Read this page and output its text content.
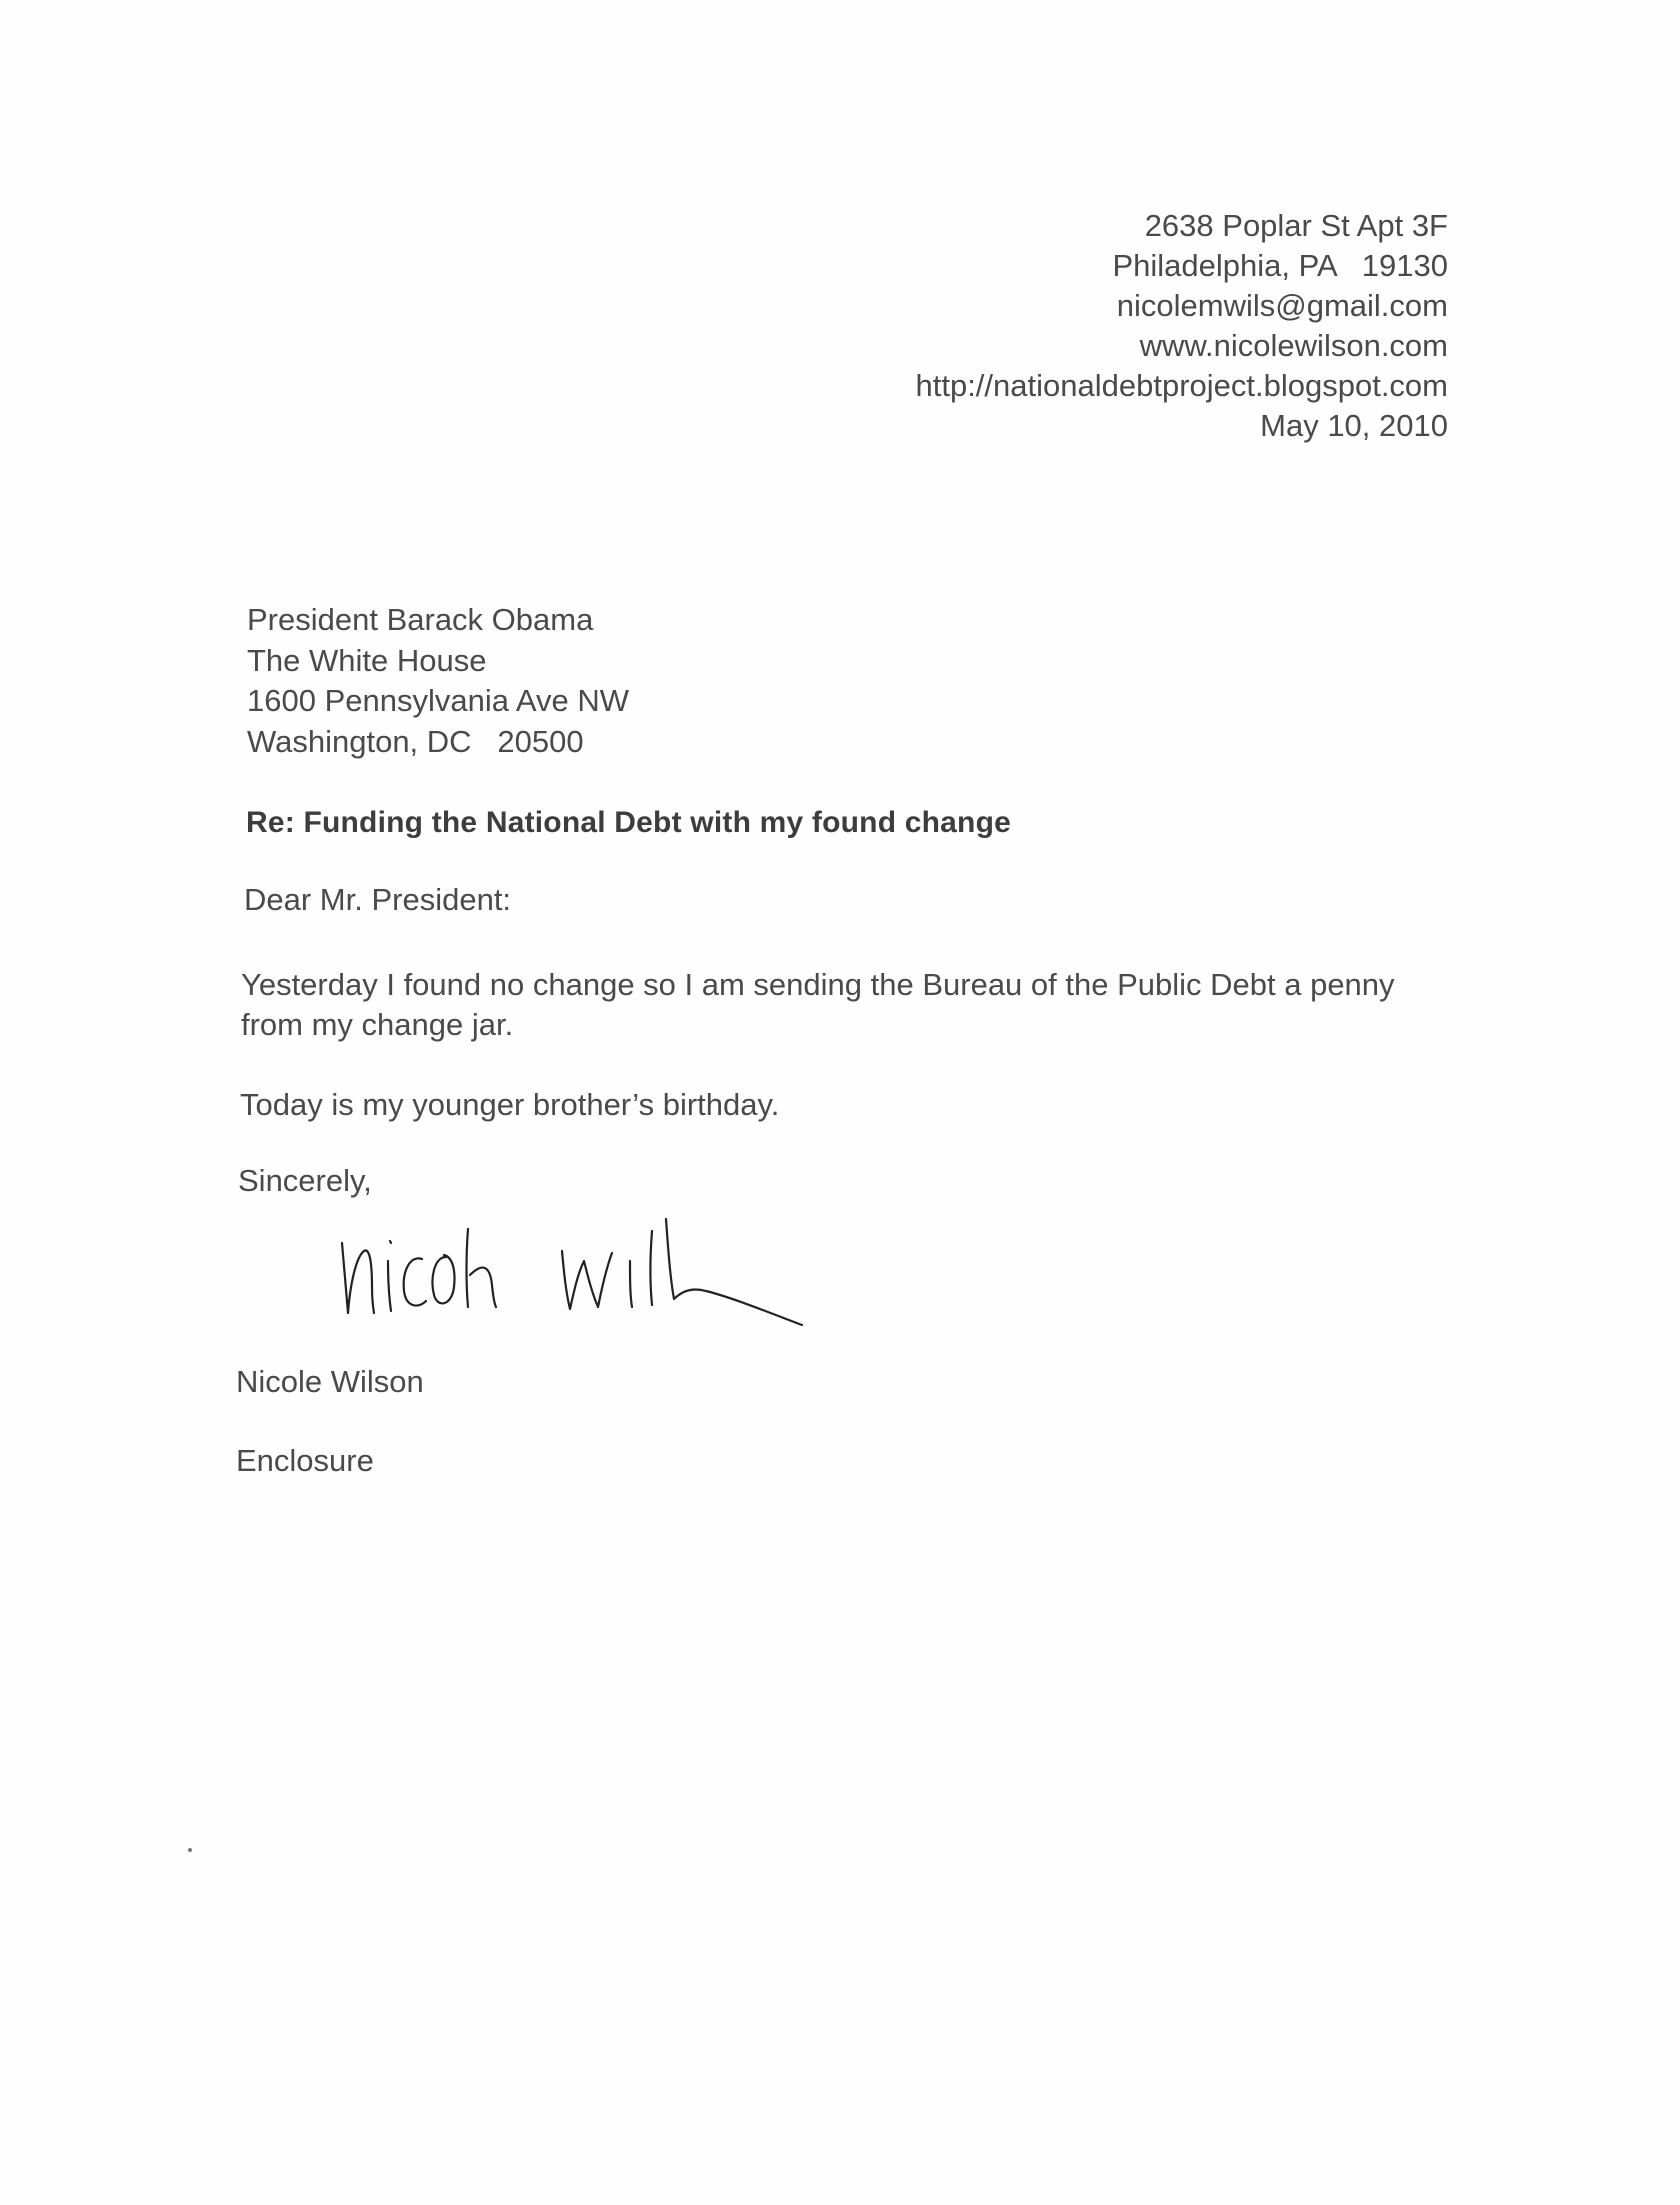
2638 Poplar St Apt 3F
Philadelphia, PA   19130
nicolemwils@gmail.com
www.nicolewilson.com
http://nationaldebtproject.blogspot.com
May 10, 2010
President Barack Obama
The White House
1600 Pennsylvania Ave NW
Washington, DC   20500
Re: Funding the National Debt with my found change
Dear Mr. President:
Yesterday I found no change so I am sending the Bureau of the Public Debt a penny from my change jar.
Today is my younger brother’s birthday.
Sincerely,
Nicole Wilson
Enclosure
